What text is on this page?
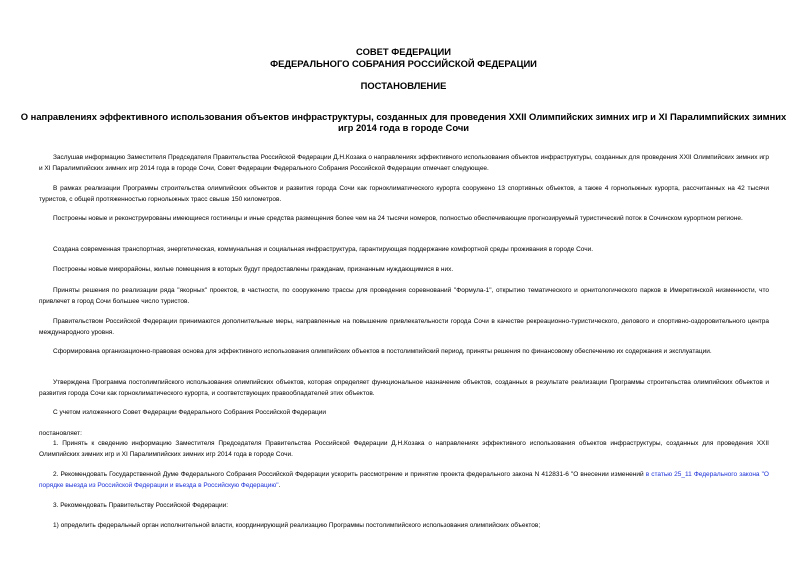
СОВЕТ ФЕДЕРАЦИИ

ФЕДЕРАЛЬНОГО СОБРАНИЯ РОССИЙСКОЙ ФЕДЕРАЦИИ

ПОСТАНОВЛЕНИЕ

О направлениях эффективного использования объектов инфраструктуры, созданных для проведения XXII Олимпийских зимних игр и XI Паралимпийских зимних

игр 2014 года в городе Сочи

Заслушав информацию Заместителя Председателя Правительства Российской Федерации Д.Н.Козака о направлениях эффективного использования объектов инфраструктуры, созданных для проведения XXII Олимпийских зимних игр и XI Паралимпийских зимних игр 2014 года в городе Сочи, Совет Федерации Федерального Собрания Российской Федерации отмечает следующее.

В рамках реализации Программы строительства олимпийских объектов и развития города Сочи как горноклиматического курорта сооружено 13 спортивных объектов, а также 4 горнолыжных курорта, рассчитанных на 42 тысячи туристов, с общей протяженностью горнолыжных трасс свыше 150 километров.

Построены новые и реконструированы имеющиеся гостиницы и иные средства размещения более чем на 24 тысячи номеров, полностью обеспечивающие прогнозируемый туристический поток в Сочинском курортном регионе.

Создана современная транспортная, энергетическая, коммунальная и социальная инфраструктура, гарантирующая поддержание комфортной среды проживания в городе Сочи.

Построены новые микрорайоны, жилые помещения в которых будут предоставлены гражданам, признанным нуждающимися в них.

Приняты решения по реализации ряда "якорных" проектов, в частности, по сооружению трассы для проведения соревнований "Формула-1", открытию тематического и орнитологического парков в Имеретинской низменности, что привлечет в город Сочи большее число туристов.

Правительством Российской Федерации принимаются дополнительные меры, направленные на повышение привлекательности города Сочи в качестве рекреационно-туристического, делового и спортивно-оздоровительного центра международного уровня.

Сформирована организационно-правовая основа для эффективного использования олимпийских объектов в постолимпийский период, приняты решения по финансовому обеспечению их содержания и эксплуатации.

Утверждена Программа постолимпийского использования олимпийских объектов, которая определяет функциональное назначение объектов, созданных в результате реализации Программы строительства олимпийских объектов и развития города Сочи как горноклиматического курорта, и соответствующих правообладателей этих объектов.

С учетом изложенного Совет Федерации Федерального Собрания Российской Федерации

постановляет:

1. Принять к сведению информацию Заместителя Председателя Правительства Российской Федерации Д.Н.Козака о направлениях эффективного использования объектов инфраструктуры, созданных для проведения XXII Олимпийских зимних игр и XI Паралимпийских зимних игр 2014 года в городе Сочи.

2. Рекомендовать Государственной Думе Федерального Собрания Российской Федерации ускорить рассмотрение и принятие проекта федерального закона N 412831-6 "О внесении изменений в статью 25_11 Федерального закона "О порядке выезда из Российской Федерации и въезда в Российскую Федерацию".

3. Рекомендовать Правительству Российской Федерации:

1) определить федеральный орган исполнительной власти, координирующий реализацию Программы постолимпийского использования олимпийских объектов;
